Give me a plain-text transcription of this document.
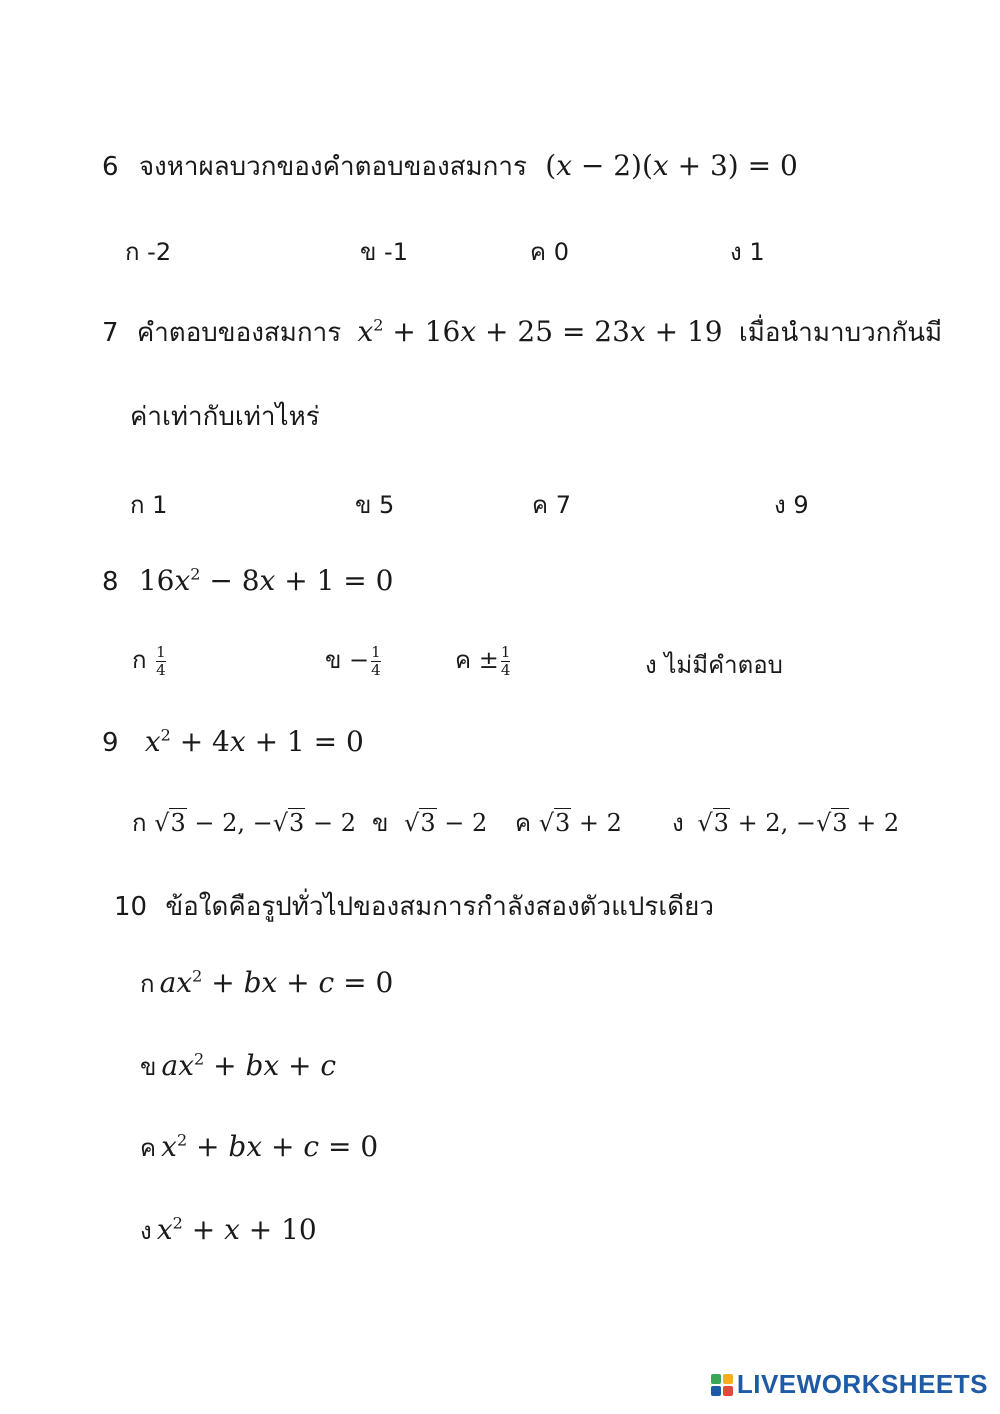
6 จงหาผลบวกของคำตอบของสมการ (x − 2)(x + 3) = 0
ก -2	ข -1	ค 0	ง 1
7 คำตอบของสมการ $x^2 + 16x + 25 = 23x + 19$ เมื่อนำมาบวกกันมี
ค่าเท่ากับเท่าไหร่
ก 1	ข 5	ค 7	ง 9
8 $16x^2 - 8x + 1 = 0$
ก $\frac{1}{4}$	ข − $\frac{1}{4}$	ค ± $\frac{1}{4}$	ง ไม่มีคำตอบ
9 $x^2 + 4x + 1 = 0$
ก √3 − 2, −√3 − 2 ข √3 − 2 ค √3 + 2 ง √3 + 2, −√3 + 2
10 ข้อใดคือรูปทั่วไปของสมการกำลังสองตัวแปรเดียว
ก $ax^2$ + bx + c = 0
ข $ax^2$ + bx + c
ค $x^2$ + bx + c = 0
ง $x^2 + x + 10$
LIVEWORKSHEETS
